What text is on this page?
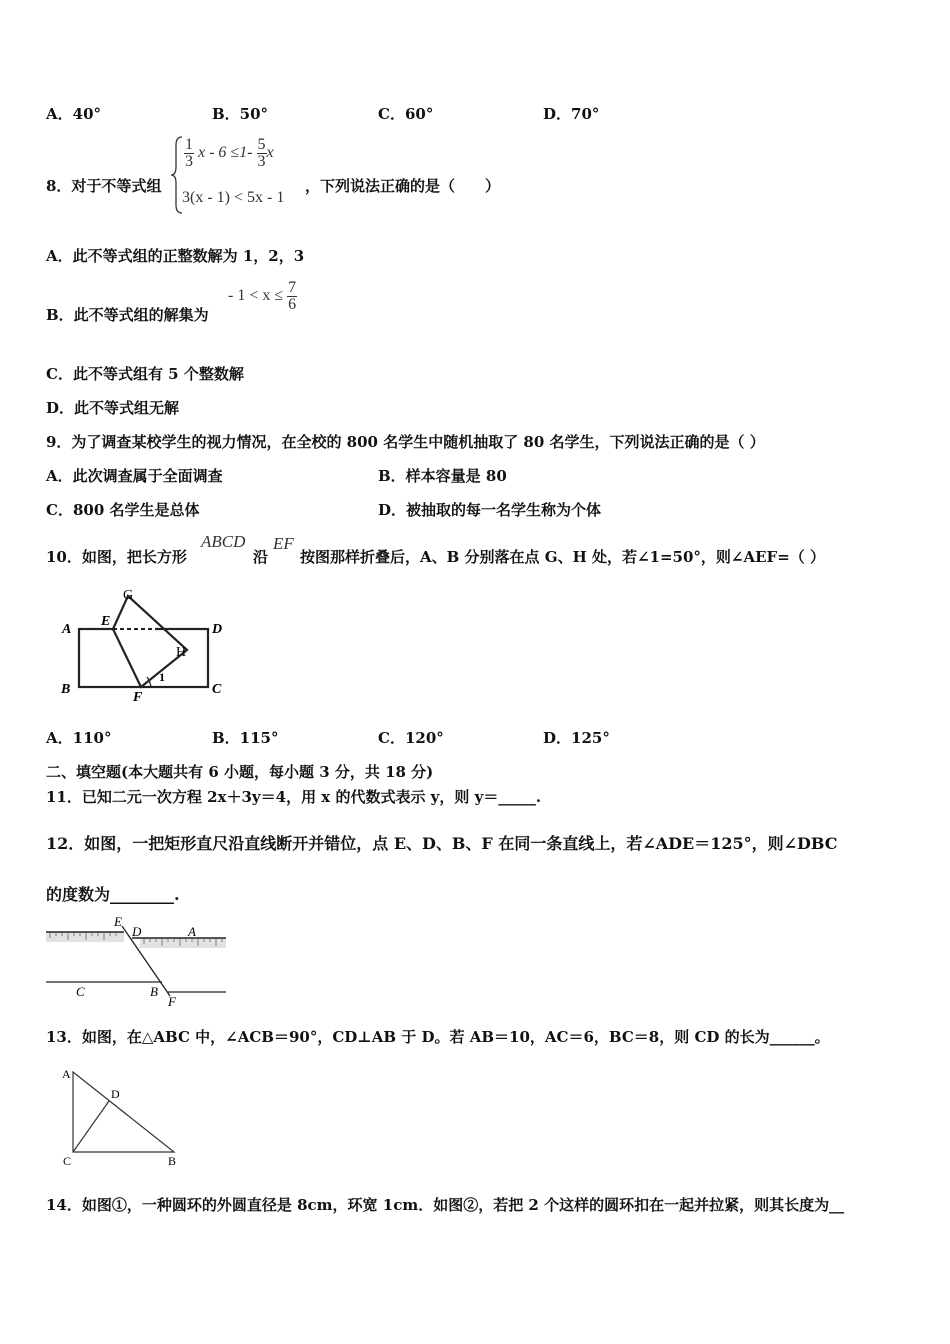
A．40°	B．50°	C．60°	D．70°
8．对于不等式组
$\frac{1}{3}$ $x - 6 \le 1- \frac{5}{3}$ x
3(x - 1) < 5x - 1
，下列说法正确的是（　　）
A．此不等式组的正整数解为 1，2，3
B．此不等式组的解集为
- $1 < x \le \frac{7}{6}$
C．此不等式组有 5 个整数解
D．此不等式组无解
9．为了调查某校学生的视力情况，在全校的 800 名学生中随机抽取了 80 名学生，下列说法正确的是（ ）
A．此次调查属于全面调查	B．样本容量是 80
C．800 名学生是总体	D．被抽取的每一名学生称为个体
10．如图，把长方形
ABCD
沿
EF
按图那样折叠后，A、B 分别落在点 G、H 处，若∠1=50°，则∠AEF=（ ）
A
B	C
D
E
F
G
H
1
A．110°	B．115°	C．120°	D．125°
二、填空题(本大题共有 6 小题，每小题 3 分，共 18 分)
11．已知二元一次方程 2x＋3y＝4，用 x 的代数式表示 y，则 y＝_____.
12．如图，一把矩形直尺沿直线断开并错位，点 E、D、B、F 在同一条直线上，若∠ADE＝125°，则∠DBC
的度数为________.
E
D	A
C	B
F
13．如图，在△ABC 中，∠ACB＝90°，CD⊥AB 于 D。若 AB＝10，AC＝6，BC＝8，则 CD 的长为______。
A
D
C	B
14．如图①，一种圆环的外圆直径是 8cm，环宽 1cm．如图②，若把 2 个这样的圆环扣在一起并拉紧，则其长度为__
